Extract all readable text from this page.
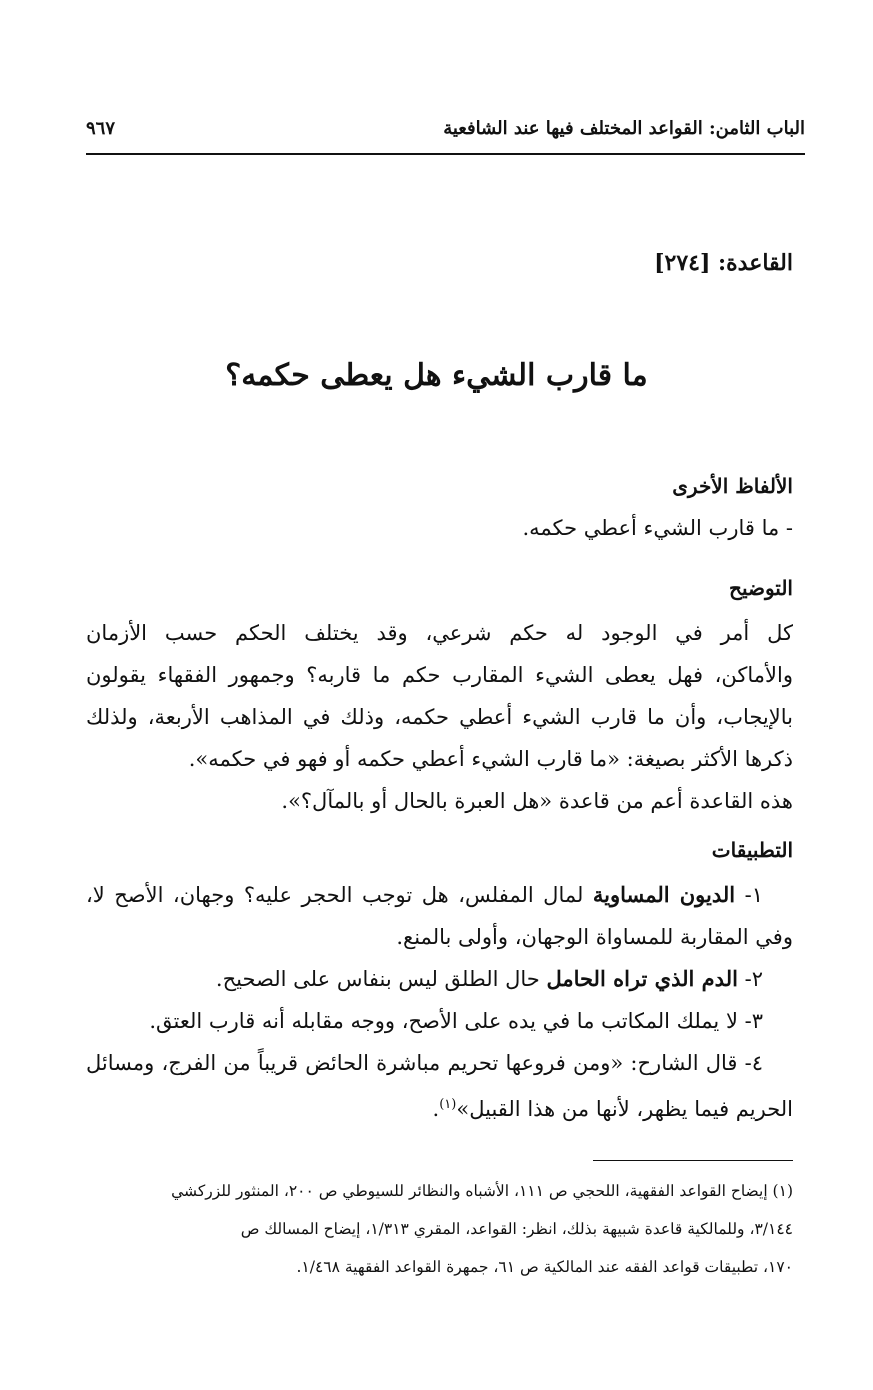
الباب الثامن: القواعد المختلف فيها عند الشافعية
٩٦٧
القاعدة: [٢٧٤]
ما قارب الشيء هل يعطى حكمه؟
الألفاظ الأخرى
- ما قارب الشيء أعطي حكمه.
التوضيح

كل أمر في الوجود له حكم شرعي، وقد يختلف الحكم حسب الأزمان

والأماكن، فهل يعطى الشيء المقارب حكم ما قاربه؟ وجمهور الفقهاء يقولون

بالإيجاب، وأن ما قارب الشيء أعطي حكمه، وذلك في المذاهب الأربعة، ولذلك

ذكرها الأكثر بصيغة: «ما قارب الشيء أعطي حكمه أو فهو في حكمه».

هذه القاعدة أعم من قاعدة «هل العبرة بالحال أو بالمآل؟».

التطبيقات

١- الديون المساوية لمال المفلس، هل توجب الحجر عليه؟ وجهان، الأصح لا،

وفي المقاربة للمساواة الوجهان، وأولى بالمنع.

٢- الدم الذي تراه الحامل حال الطلق ليس بنفاس على الصحيح.

٣- لا يملك المكاتب ما في يده على الأصح، ووجه مقابله أنه قارب العتق.

٤- قال الشارح: «ومن فروعها تحريم مباشرة الحائض قريباً من الفرج، ومسائل

الحريم فيما يظهر، لأنها من هذا القبيل»$^{(١)}$.

(١) إيضاح القواعد الفقهية، اللحجي ص ١١١، الأشباه والنظائر للسيوطي ص ٢٠٠، المنثور للزركشي

٣/١٤٤، وللمالكية قاعدة شبيهة بذلك، انظر: القواعد، المقري ١/٣١٣، إيضاح المسالك ص

١٧٠، تطبيقات قواعد الفقه عند المالكية ص ٦١، جمهرة القواعد الفقهية ١/٤٦٨.
